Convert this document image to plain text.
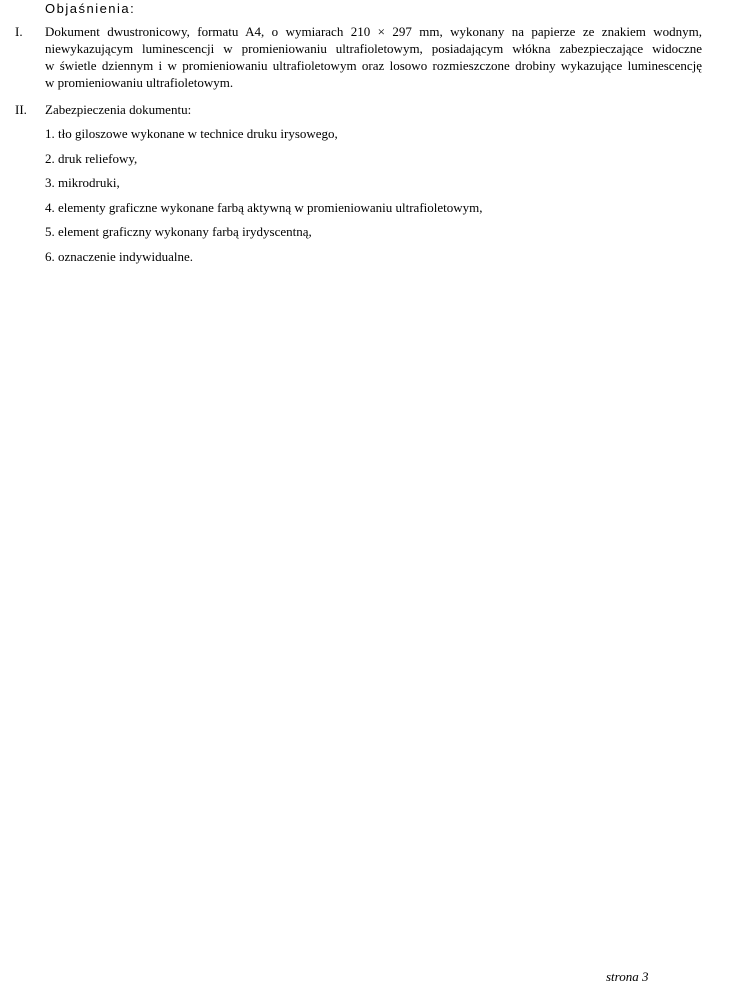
Objaśnienia:
I. Dokument dwustronicowy, formatu A4, o wymiarach 210 × 297 mm, wykonany na papierze ze znakiem wodnym,
niewykazującym luminescencji w promieniowaniu ultrafioletowym, posiadającym włókna zabezpieczające widoczne
w świetle dziennym i w promieniowaniu ultrafioletowym oraz losowo rozmieszczone drobiny wykazujące luminescencję
w promieniowaniu ultrafioletowym.
II. Zabezpieczenia dokumentu:
1. tło giloszowe wykonane w technice druku irysowego,
2. druk reliefowy,
3. mikrodruki,
4. elementy graficzne wykonane farbą aktywną w promieniowaniu ultrafioletowym,
5. element graficzny wykonany farbą irydyscentną,
6. oznaczenie indywidualne.
strona 3
